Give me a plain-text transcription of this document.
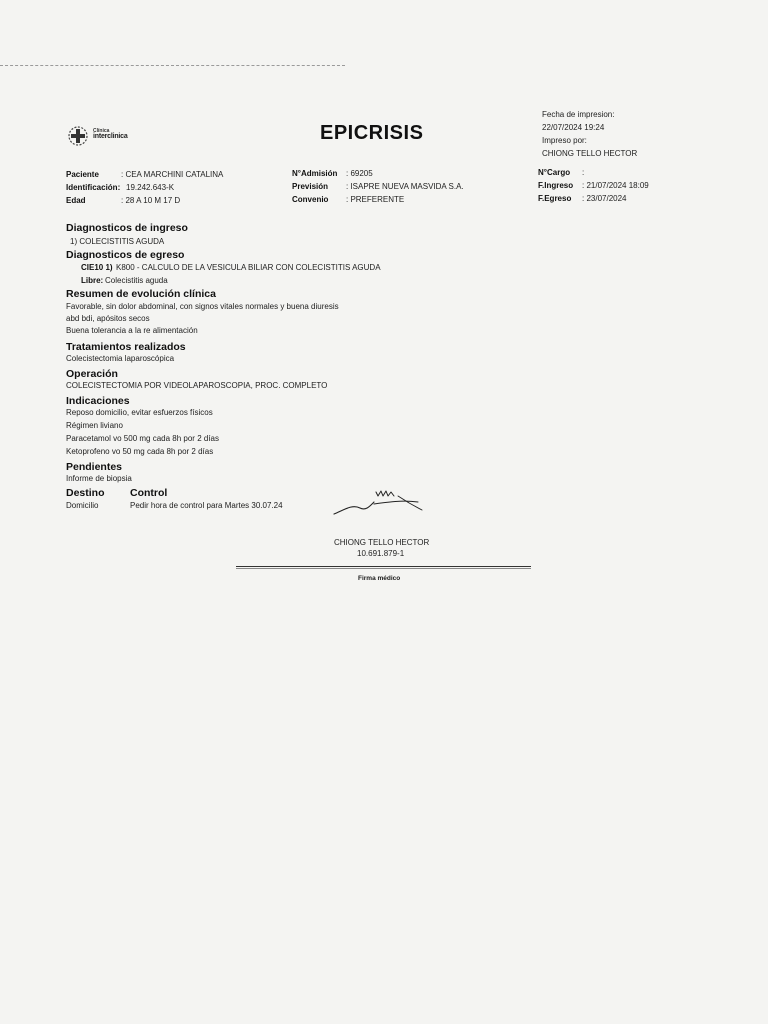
Clínica
interclinica	EPICRISIS
Fecha de impresion:
22/07/2024 19:24
Impreso por:
CHIONG TELLO HECTOR
Paciente	: CEA MARCHINI CATALINA
Identificación: 19.242.643-K
Edad	: 28 A 10 M 17 D
N°Admisión : 69205
Previsión : ISAPRE NUEVA MASVIDA S.A.
Convenio : PREFERENTE
N°Cargo :
F.Ingreso : 21/07/2024 18:09
F.Egreso : 23/07/2024
Diagnosticos de ingreso
1) COLECISTITIS AGUDA
Diagnosticos de egreso
CIE10 1) K800 - CALCULO DE LA VESICULA BILIAR CON COLECISTITIS AGUDA
Libre: Colecistitis aguda
Resumen de evolución clínica
Favorable, sin dolor abdominal, con signos vitales normales y buena diuresis
abd bdi, apósitos secos
Buena tolerancia a la re alimentación
Tratamientos realizados
Colecistectomia laparoscópica
Operación
COLECISTECTOMIA POR VIDEOLAPAROSCOPIA, PROC. COMPLETO
Indicaciones
Reposo domicilio, evitar esfuerzos físicos
Régimen liviano
Paracetamol vo 500 mg cada 8h por 2 días
Ketoprofeno vo 50 mg cada 8h por 2 días
Pendientes
Informe de biopsia
Destino
Domicilio
Control
Pedir hora de control para Martes 30.07.24
CHIONG TELLO HECTOR
10.691.879-1
Firma médico
